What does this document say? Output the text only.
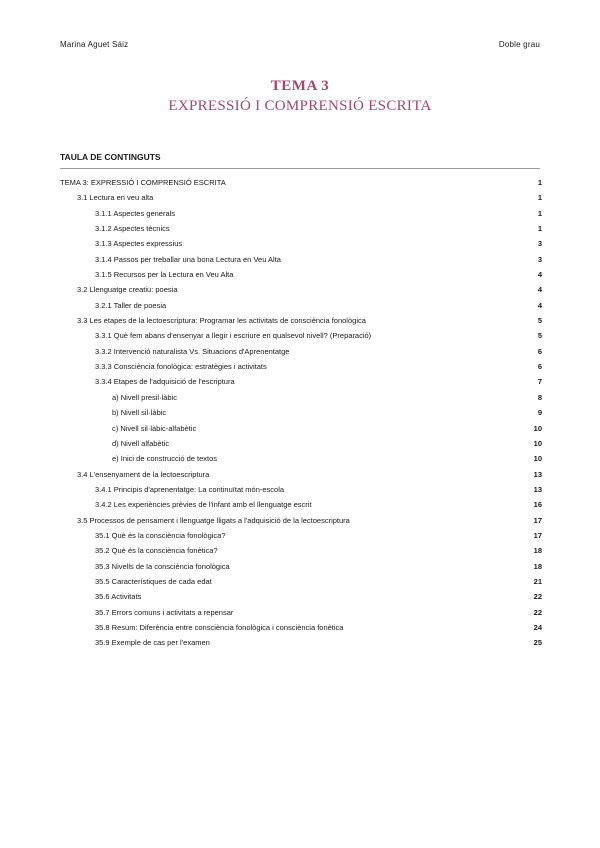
Marina Aguet Sáiz	Doble grau
TEMA 3
EXPRESSIÓ I COMPRENSIÓ ESCRITA
TAULA DE CONTINGUTS
TEMA 3: EXPRESSIÓ I COMPRENSIÓ ESCRITA	1
3.1 Lectura en veu alta	1
3.1.1 Aspectes generals	1
3.1.2 Aspectes tècnics	1
3.1.3 Aspectes expressius	3
3.1.4 Passos per treballar una bona Lectura en Veu Alta	3
3.1.5 Recursos per la Lectura en Veu Alta	4
3.2 Llenguatge creatiu: poesia	4
3.2.1 Taller de poesia	4
3.3 Les etapes de la lectoescriptura: Programar les activitats de consciència fonològica	5
3.3.1 Què fem abans d'ensenyar a llegir i escriure en qualsevol nivell? (Preparació)	5
3.3.2 Intervenció naturalista Vs. Situacions d'Aprenentatge	6
3.3.3 Consciència fonològica: estratègies i activitats	6
3.3.4 Etapes de l'adquisició de l'escriptura	7
a) Nivell presil·làbic	8
b) Nivell sil·làbic	9
c) Nivell sil·làbic-alfabètic	10
d) Nivell alfabètic	10
e) Inici de construcció de textos	10
3.4 L'ensenyament de la lectoescriptura	13
3.4.1 Principis d'aprenentatge: La continuïtat món-escola	13
3.4.2 Les experiències prèvies de l'infant amb el llenguatge escrit	16
3.5 Processos de pensament i llenguatge lligats a l'adquisició de la lectoescriptura	17
35.1 Què és la consciència fonològica?	17
35.2 Què és la consciència fonètica?	18
35.3 Nivells de la consciència fonològica	18
35.5 Característiques de cada edat	21
35.6 Activitats	22
35.7 Errors comuns i activitats a repensar	22
35.8 Resum: Diferència entre consciència fonològica i consciència fonètica	24
35.9 Exemple de cas per l'examen	25
